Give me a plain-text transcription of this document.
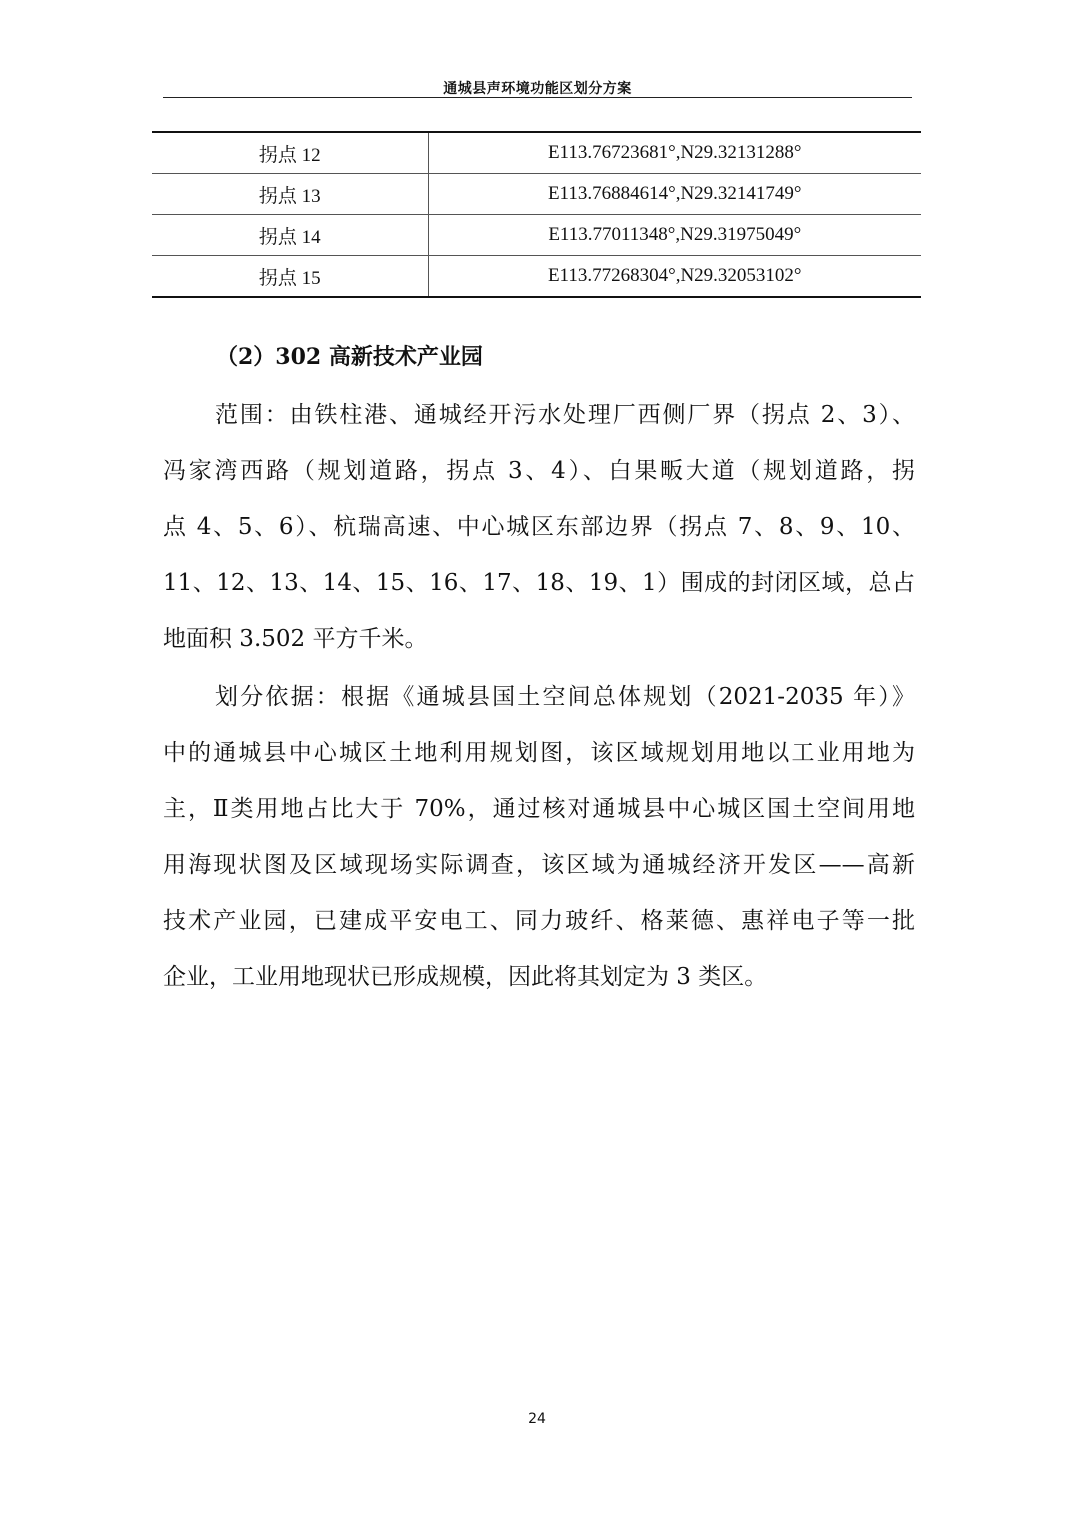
通城县声环境功能区划分方案
拐点 12	E113.76723681°,N29.32131288°
拐点 13	E113.76884614°,N29.32141749°
拐点 14	E113.77011348°,N29.31975049°
拐点 15	E113.77268304°,N29.32053102°
（2）302 高新技术产业园
范围：由铁柱港、通城经开污水处理厂西侧厂界（拐点 2、3）、
冯家湾西路（规划道路，拐点 3、4）、白果畈大道（规划道路，拐
点 4、5、6）、杭瑞高速、中心城区东部边界（拐点 7、8、9、10、
11、12、13、14、15、16、17、18、19、1）围成的封闭区域，总占
地面积 3.502 平方千米。
划分依据：根据《通城县国土空间总体规划（2021-2035 年）》
中的通城县中心城区土地利用规划图，该区域规划用地以工业用地为
主，Ⅱ类用地占比大于 70%，通过核对通城县中心城区国土空间用地
用海现状图及区域现场实际调查，该区域为通城经济开发区——高新
技术产业园，已建成平安电工、同力玻纤、格莱德、惠祥电子等一批
企业，工业用地现状已形成规模，因此将其划定为 3 类区。
24
